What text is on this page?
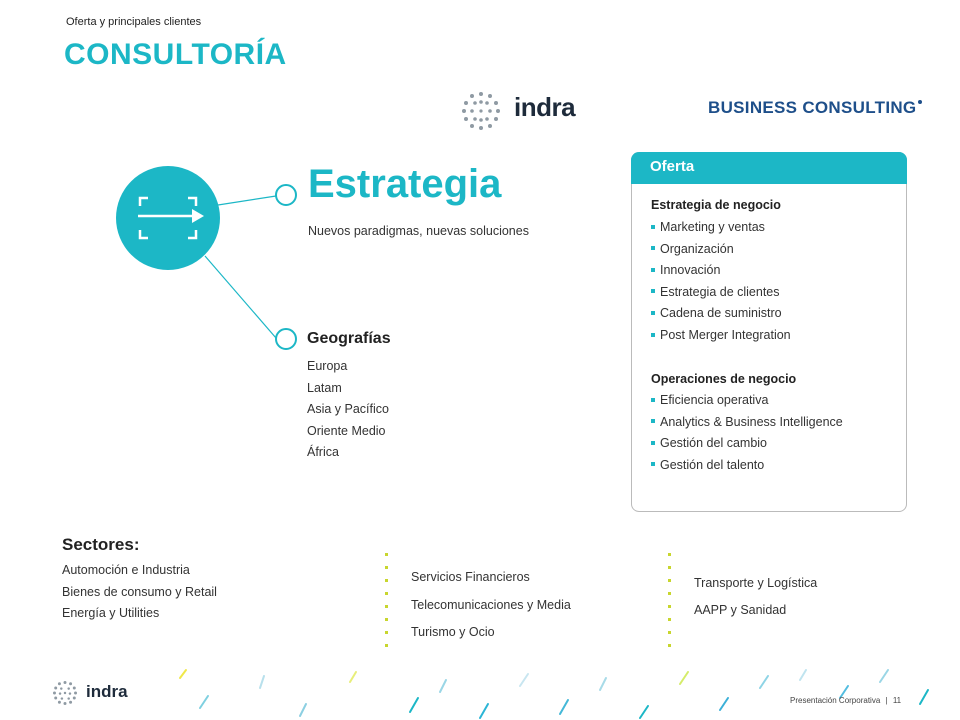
Oferta y principales clientes
CONSULTORÍA
indra	BUSINESS CONSULTING
Estrategia
Nuevos paradigmas, nuevas soluciones
Geografías
Europa
Latam
Asia y Pacífico
Oriente Medio
África
Oferta
Estrategia de negocio
Marketing y ventas
Organización
Innovación
Estrategia de clientes
Cadena de suministro
Post Merger Integration
Operaciones de negocio
Eficiencia operativa
Analytics & Business Intelligence
Gestión del cambio
Gestión del talento
Sectores:
Automoción e Industria
Bienes de consumo y Retail
Energía y Utilities
Servicios Financieros
Telecomunicaciones y Media
Turismo y Ocio
Transporte y Logística
AAPP y Sanidad
indra	Presentación Corporativa | 11
